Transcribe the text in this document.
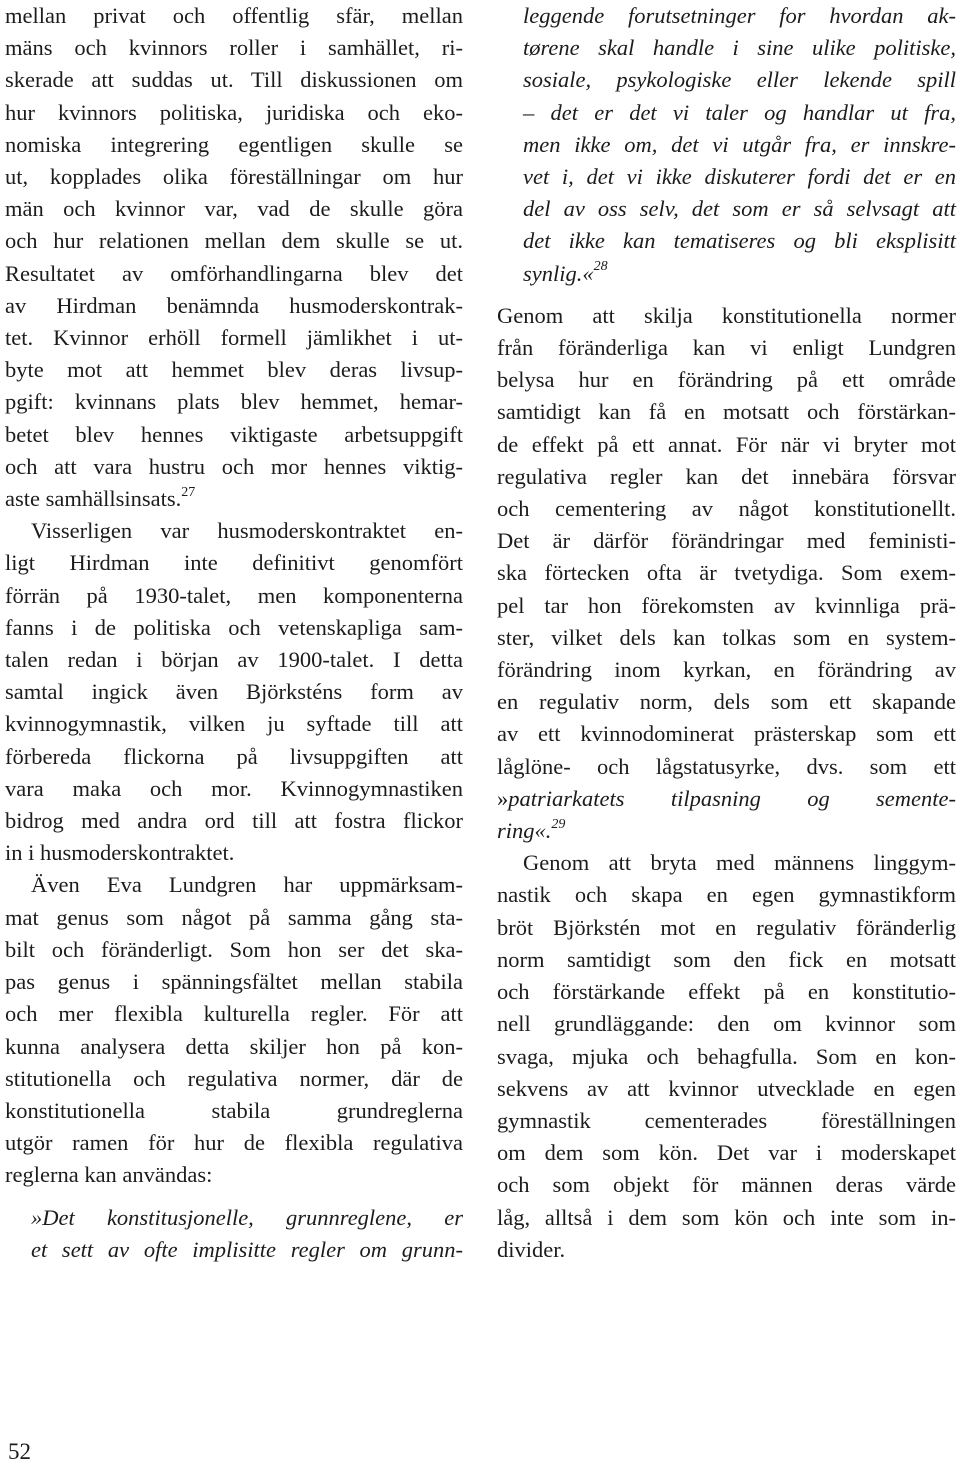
mellan privat och offentlig sfär, mellan
mäns och kvinnors roller i samhället, ri-
skerade att suddas ut. Till diskussionen om
hur kvinnors politiska, juridiska och eko-
nomiska integrering egentligen skulle se
ut, kopplades olika föreställningar om hur
män och kvinnor var, vad de skulle göra
och hur relationen mellan dem skulle se ut.
Resultatet av omförhandlingarna blev det
av Hirdman benämnda husmoderskontrak-
tet. Kvinnor erhöll formell jämlikhet i ut-
byte mot att hemmet blev deras livsup-
pgift: kvinnans plats blev hemmet, hemar-
betet blev hennes viktigaste arbetsuppgift
och att vara hustru och mor hennes viktig-
aste samhällsinsats.$^{27}$
Visserligen var husmoderskontraktet en-
ligt Hirdman inte definitivt genomfört
förrän på 1930-talet, men komponenterna
fanns i de politiska och vetenskapliga sam-
talen redan i början av 1900-talet. I detta
samtal ingick även Björksténs form av
kvinnogymnastik, vilken ju syftade till att
förbereda flickorna på livsuppgiften att
vara maka och mor. Kvinnogymnastiken
bidrog med andra ord till att fostra flickor
in i husmoderskontraktet.
Även Eva Lundgren har uppmärksam-
mat genus som något på samma gång sta-
bilt och föränderligt. Som hon ser det ska-
pas genus i spänningsfältet mellan stabila
och mer flexibla kulturella regler. För att
kunna analysera detta skiljer hon på kon-
stitutionella och regulativa normer, där de
konstitutionella stabila grundreglerna
utgör ramen för hur de flexibla regulativa
reglerna kan användas:
»Det konstitusjonelle, grunnreglene, er
et sett av ofte implisitte regler om grunn-
leggende forutsetninger for hvordan ak-
tørene skal handle i sine ulike politiske,
sosiale, psykologiske eller lekende spill
– det er det vi taler og handlar ut fra,
men ikke om, det vi utgår fra, er innskre-
vet i, det vi ikke diskuterer fordi det er en
del av oss selv, det som er så selvsagt att
det ikke kan tematiseres og bli eksplisitt
synlig.«$^{28}$
Genom att skilja konstitutionella normer
från föränderliga kan vi enligt Lundgren
belysa hur en förändring på ett område
samtidigt kan få en motsatt och förstärkan-
de effekt på ett annat. För när vi bryter mot
regulativa regler kan det innebära försvar
och cementering av något konstitutionellt.
Det är därför förändringar med feministi-
ska förtecken ofta är tvetydiga. Som exem-
pel tar hon förekomsten av kvinnliga prä-
ster, vilket dels kan tolkas som en system-
förändring inom kyrkan, en förändring av
en regulativ norm, dels som ett skapande
av ett kvinnodominerat prästerskap som ett
låglöne- och lågstatusyrke, dvs. som ett
»patriarkatets tilpasning og semente-
ring«.$^{29}$
Genom att bryta med männens linggym-
nastik och skapa en egen gymnastikform
bröt Björkstén mot en regulativ föränderlig
norm samtidigt som den fick en motsatt
och förstärkande effekt på en konstitutio-
nell grundläggande: den om kvinnor som
svaga, mjuka och behagfulla. Som en kon-
sekvens av att kvinnor utvecklade en egen
gymnastik cementerades föreställningen
om dem som kön. Det var i moderskapet
och som objekt för männen deras värde
låg, alltså i dem som kön och inte som in-
divider.
52
